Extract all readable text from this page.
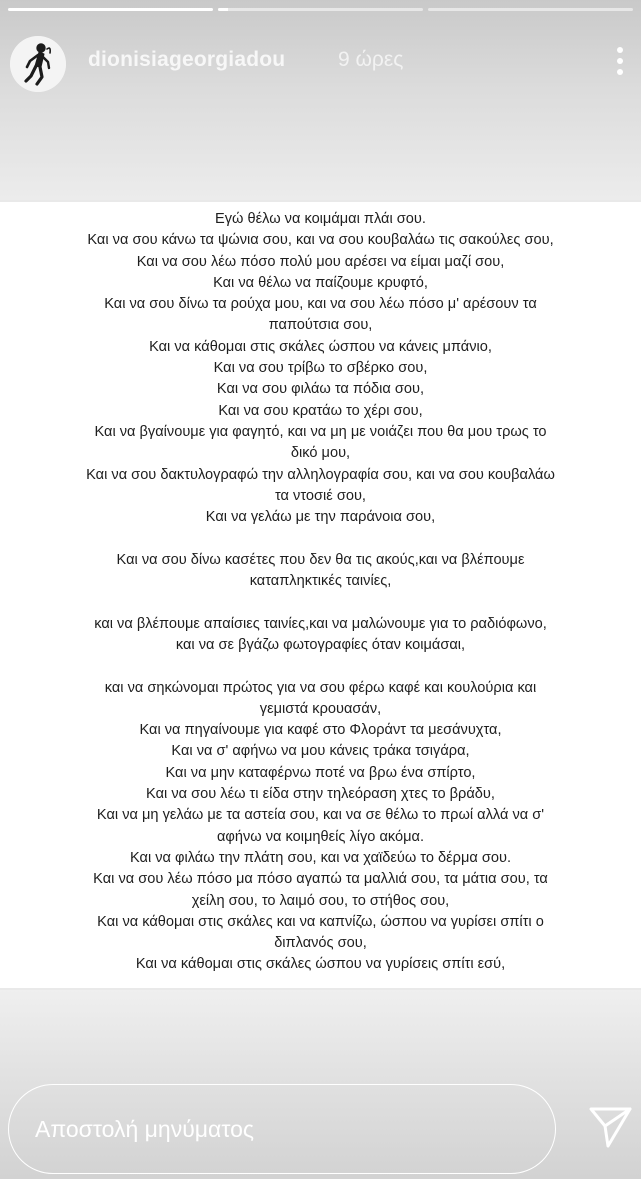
dionisiageorgiadou	9 ώρες
Εγώ θέλω να κοιμάμαι πλάι σου.
Και να σου κάνω τα ψώνια σου, και να σου κουβαλάω τις σακούλες σου,
Και να σου λέω πόσο πολύ μου αρέσει να είμαι μαζί σου,
Και να θέλω να παίζουμε κρυφτό,
Και να σου δίνω τα ρούχα μου, και να σου λέω πόσο μ' αρέσουν τα
παπούτσια σου,
Και να κάθομαι στις σκάλες ώσπου να κάνεις μπάνιο,
Και να σου τρίβω το σβέρκο σου,
Και να σου φιλάω τα πόδια σου,
Και να σου κρατάω το χέρι σου,
Και να βγαίνουμε για φαγητό, και να μη με νοιάζει που θα μου τρως το
δικό μου,
Και να σου δακτυλογραφώ την αλληλογραφία σου, και να σου κουβαλάω
τα ντοσιέ σου,
Και να γελάω με την παράνοια σου,
Και να σου δίνω κασέτες που δεν θα τις ακούς,και να βλέπουμε
καταπληκτικές ταινίες,
και να βλέπουμε απαίσιες ταινίες,και να μαλώνουμε για το ραδιόφωνο,
και να σε βγάζω φωτογραφίες όταν κοιμάσαι,
και να σηκώνομαι πρώτος για να σου φέρω καφέ και κουλούρια και
γεμιστά κρουασάν,
Και να πηγαίνουμε για καφέ στο Φλοράντ τα μεσάνυχτα,
Και να σ' αφήνω να μου κάνεις τράκα τσιγάρα,
Και να μην καταφέρνω ποτέ να βρω ένα σπίρτο,
Και να σου λέω τι είδα στην τηλεόραση χτες το βράδυ,
Και να μη γελάω με τα αστεία σου, και να σε θέλω το πρωί αλλά να σ'
αφήνω να κοιμηθείς λίγο ακόμα.
Και να φιλάω την πλάτη σου, και να χαϊδεύω το δέρμα σου.
Και να σου λέω πόσο μα πόσο αγαπώ τα μαλλιά σου, τα μάτια σου, τα
χείλη σου, το λαιμό σου, το στήθος σου,
Και να κάθομαι στις σκάλες και να καπνίζω, ώσπου να γυρίσει σπίτι ο
διπλανός σου,
Και να κάθομαι στις σκάλες ώσπου να γυρίσεις σπίτι εσύ,
Αποστολή μηνύματος
